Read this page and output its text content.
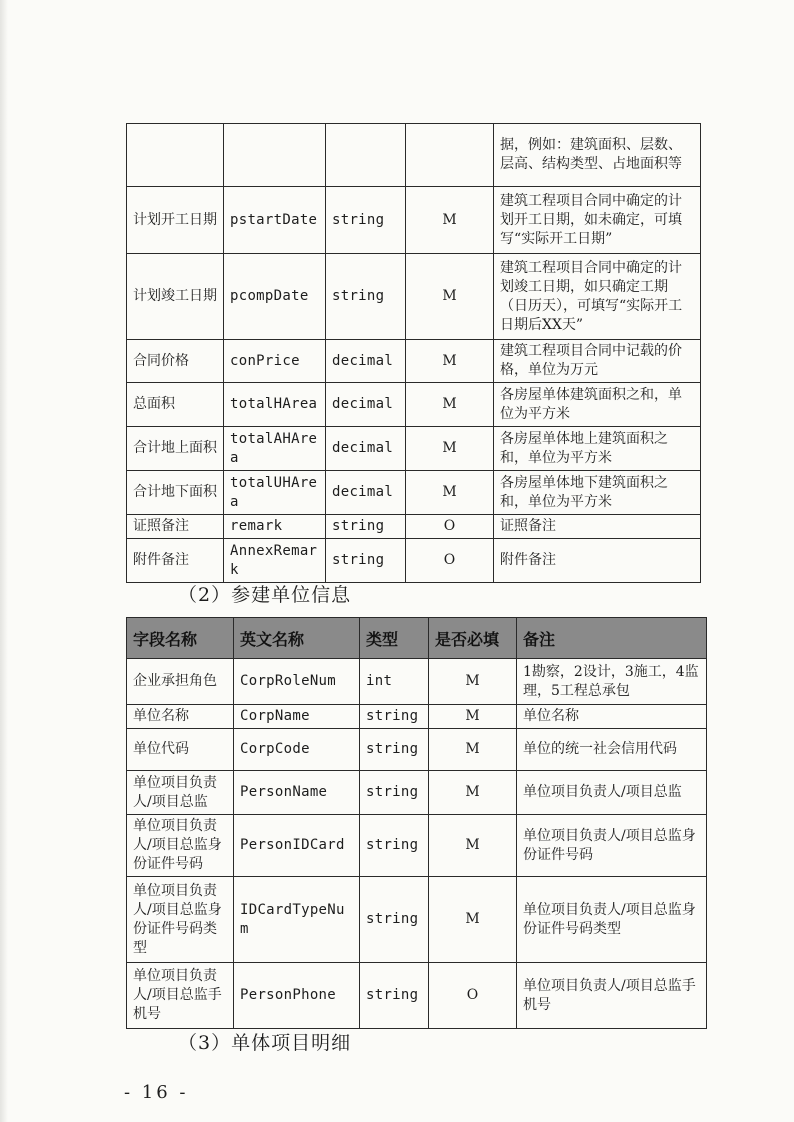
				据，例如：建筑面积、层数、层高、结构类型、占地面积等
计划开工日期	pstartDate	string	M	建筑工程项目合同中确定的计划开工日期，如未确定，可填写“实际开工日期”
计划竣工日期	pcompDate	string	M	建筑工程项目合同中确定的计划竣工日期，如只确定工期（日历天），可填写“实际开工日期后XX天”
合同价格	conPrice	decimal	M	建筑工程项目合同中记载的价格，单位为万元
总面积	totalHArea	decimal	M	各房屋单体建筑面积之和，单位为平方米
合计地上面积	totalAHArea	decimal	M	各房屋单体地上建筑面积之和，单位为平方米
合计地下面积	totalUHArea	decimal	M	各房屋单体地下建筑面积之和，单位为平方米
证照备注	remark	string	O	证照备注
附件备注	AnnexRemark	string	O	附件备注
（2）参建单位信息
字段名称	英文名称	类型	是否必填	备注
企业承担角色	CorpRoleNum	int	M	1勘察，2设计，3施工，4监理，5工程总承包
单位名称	CorpName	string	M	单位名称
单位代码	CorpCode	string	M	单位的统一社会信用代码
单位项目负责人/项目总监	PersonName	string	M	单位项目负责人/项目总监
单位项目负责人/项目总监身份证件号码	PersonIDCard	string	M	单位项目负责人/项目总监身份证件号码
单位项目负责人/项目总监身份证件号码类型	IDCardTypeNum	string	M	单位项目负责人/项目总监身份证件号码类型
单位项目负责人/项目总监手机号	PersonPhone	string	O	单位项目负责人/项目总监手机号
（3）单体项目明细
- 16 -
